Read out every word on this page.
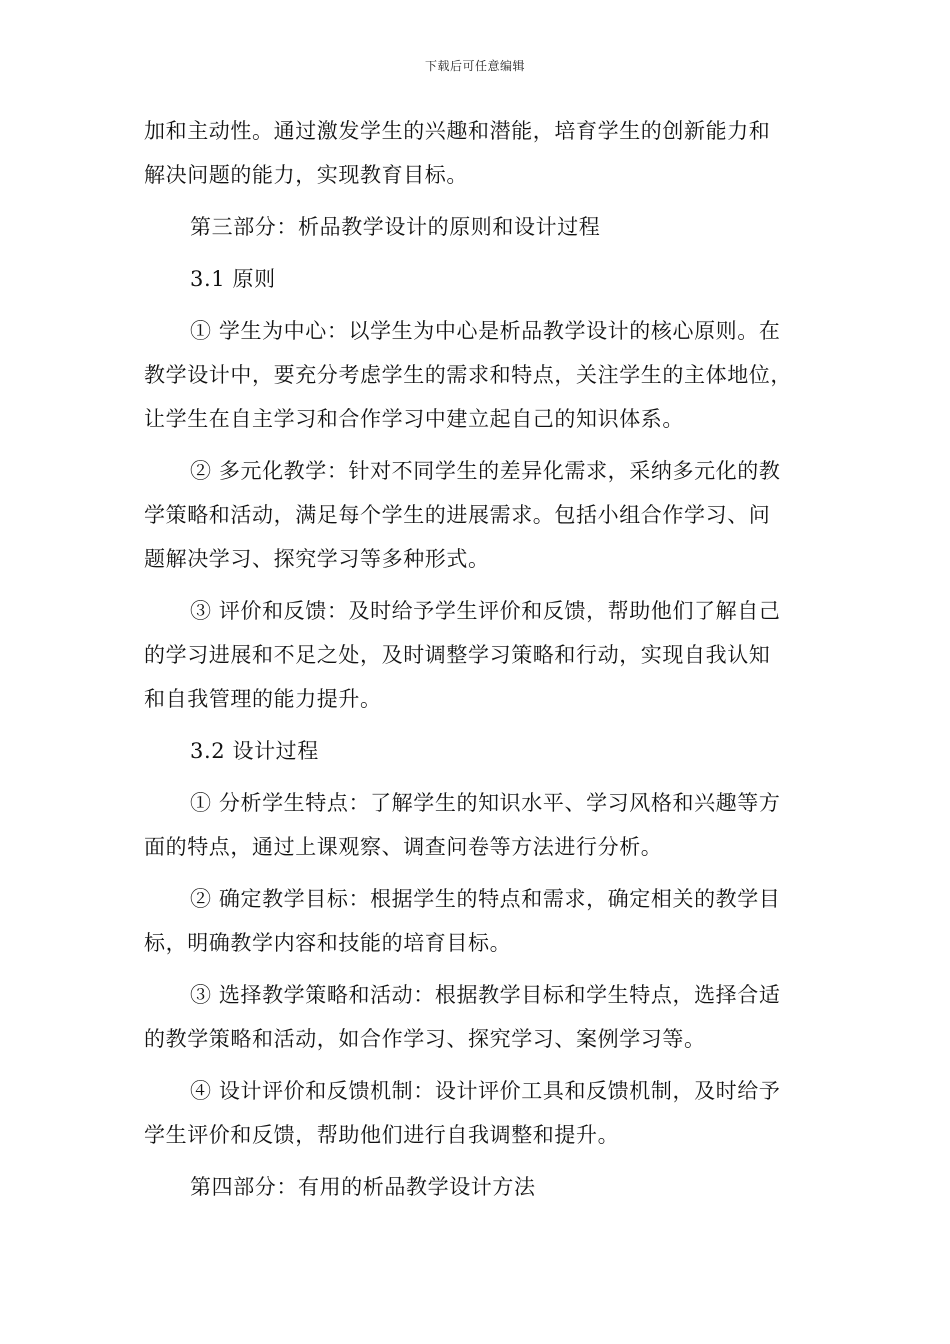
下载后可任意编辑
加和主动性。通过激发学生的兴趣和潜能，培育学生的创新能力和
解决问题的能力，实现教育目标。
第三部分：析品教学设计的原则和设计过程
3.1 原则
① 学生为中心：以学生为中心是析品教学设计的核心原则。在
教学设计中，要充分考虑学生的需求和特点，关注学生的主体地位，
让学生在自主学习和合作学习中建立起自己的知识体系。
② 多元化教学：针对不同学生的差异化需求，采纳多元化的教
学策略和活动，满足每个学生的进展需求。包括小组合作学习、问
题解决学习、探究学习等多种形式。
③ 评价和反馈：及时给予学生评价和反馈，帮助他们了解自己
的学习进展和不足之处，及时调整学习策略和行动，实现自我认知
和自我管理的能力提升。
3.2 设计过程
① 分析学生特点：了解学生的知识水平、学习风格和兴趣等方
面的特点，通过上课观察、调查问卷等方法进行分析。
② 确定教学目标：根据学生的特点和需求，确定相关的教学目
标，明确教学内容和技能的培育目标。
③ 选择教学策略和活动：根据教学目标和学生特点，选择合适
的教学策略和活动，如合作学习、探究学习、案例学习等。
④ 设计评价和反馈机制：设计评价工具和反馈机制，及时给予
学生评价和反馈，帮助他们进行自我调整和提升。
第四部分：有用的析品教学设计方法
